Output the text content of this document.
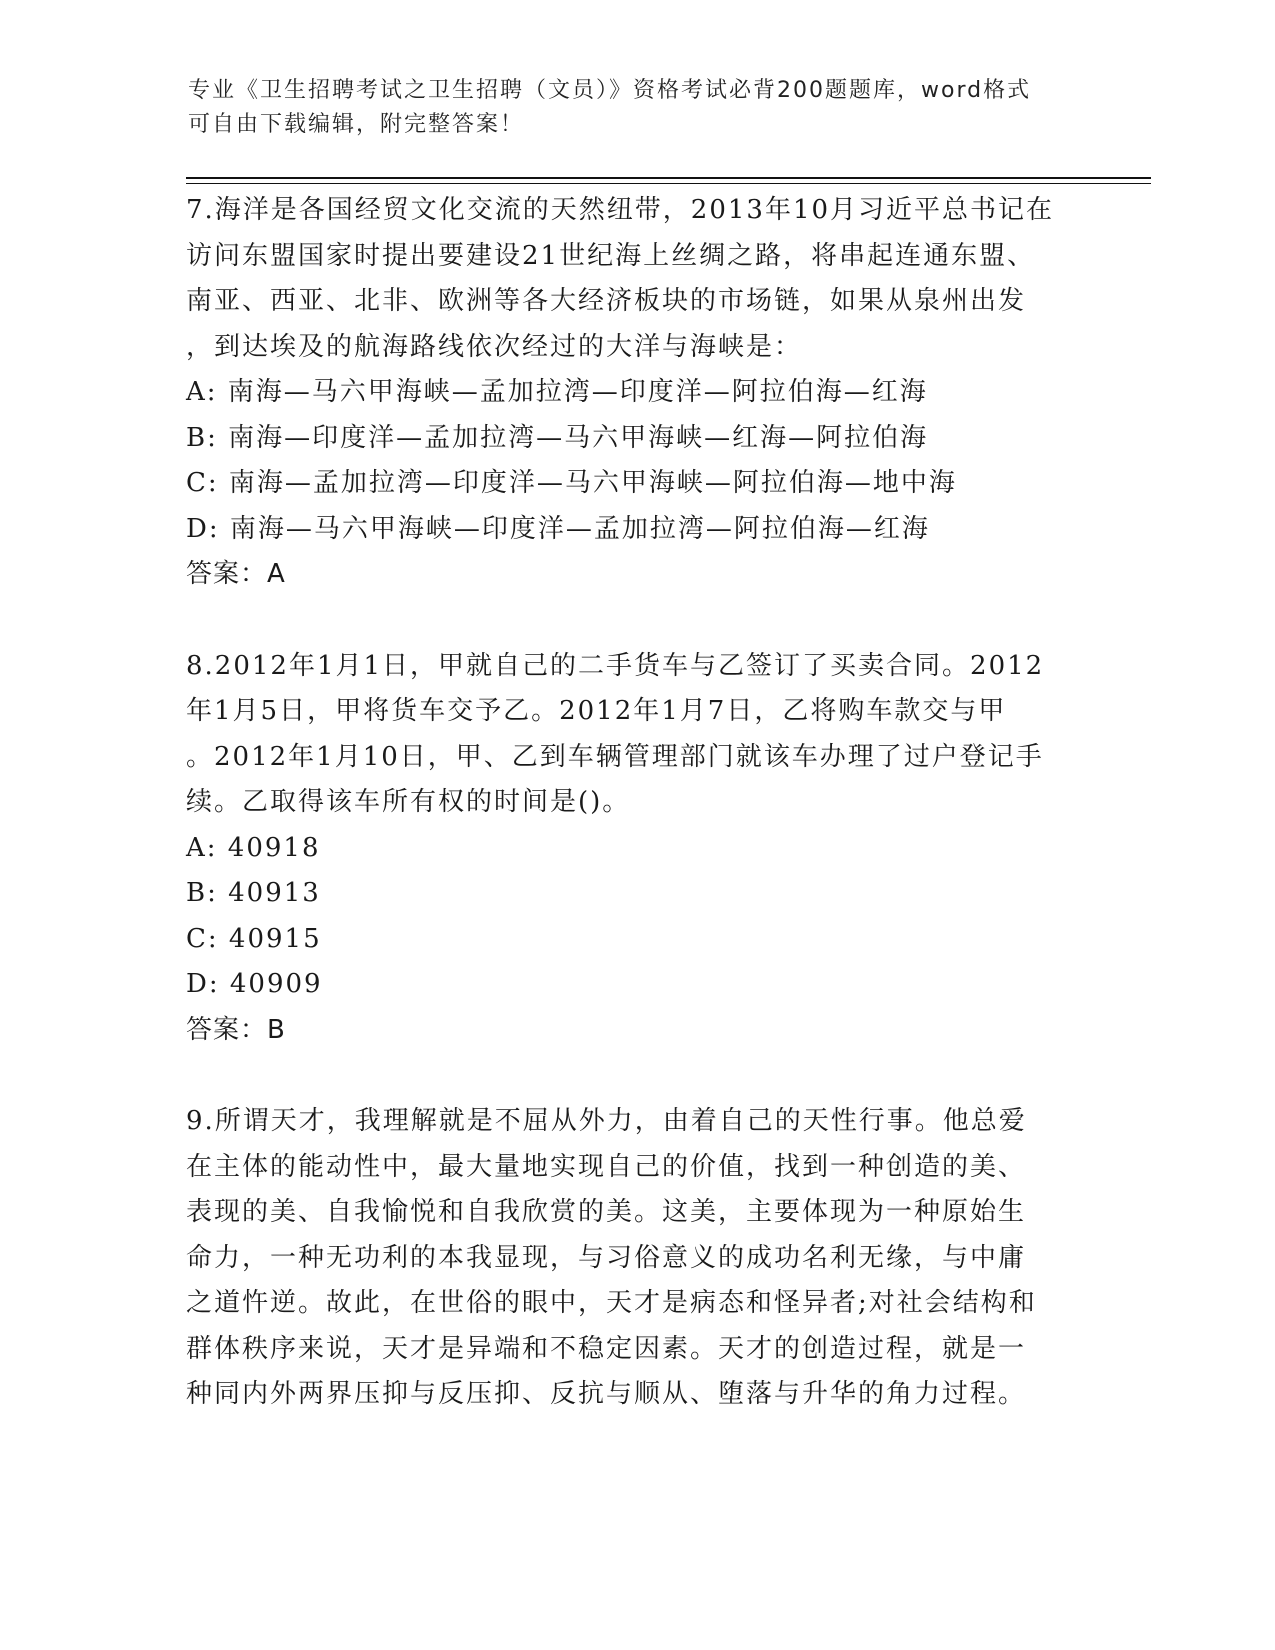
专业《卫生招聘考试之卫生招聘（文员）》资格考试必背200题题库，word格式
可自由下载编辑，附完整答案！
7.海洋是各国经贸文化交流的天然纽带，2013年10月习近平总书记在
访问东盟国家时提出要建设21世纪海上丝绸之路，将串起连通东盟、
南亚、西亚、北非、欧洲等各大经济板块的市场链，如果从泉州出发
，到达埃及的航海路线依次经过的大洋与海峡是：
A: 南海—马六甲海峡—孟加拉湾—印度洋—阿拉伯海—红海
B: 南海—印度洋—孟加拉湾—马六甲海峡—红海—阿拉伯海
C: 南海—孟加拉湾—印度洋—马六甲海峡—阿拉伯海—地中海
D: 南海—马六甲海峡—印度洋—孟加拉湾—阿拉伯海—红海
答案：A
8.2012年1月1日，甲就自己的二手货车与乙签订了买卖合同。2012
年1月5日，甲将货车交予乙。2012年1月7日，乙将购车款交与甲
。2012年1月10日，甲、乙到车辆管理部门就该车办理了过户登记手
续。乙取得该车所有权的时间是()。
A: 40918
B: 40913
C: 40915
D: 40909
答案：B
9.所谓天才，我理解就是不屈从外力，由着自己的天性行事。他总爱
在主体的能动性中，最大量地实现自己的价值，找到一种创造的美、
表现的美、自我愉悦和自我欣赏的美。这美，主要体现为一种原始生
命力，一种无功利的本我显现，与习俗意义的成功名利无缘，与中庸
之道忤逆。故此，在世俗的眼中，天才是病态和怪异者;对社会结构和
群体秩序来说，天才是异端和不稳定因素。天才的创造过程，就是一
种同内外两界压抑与反压抑、反抗与顺从、堕落与升华的角力过程。
